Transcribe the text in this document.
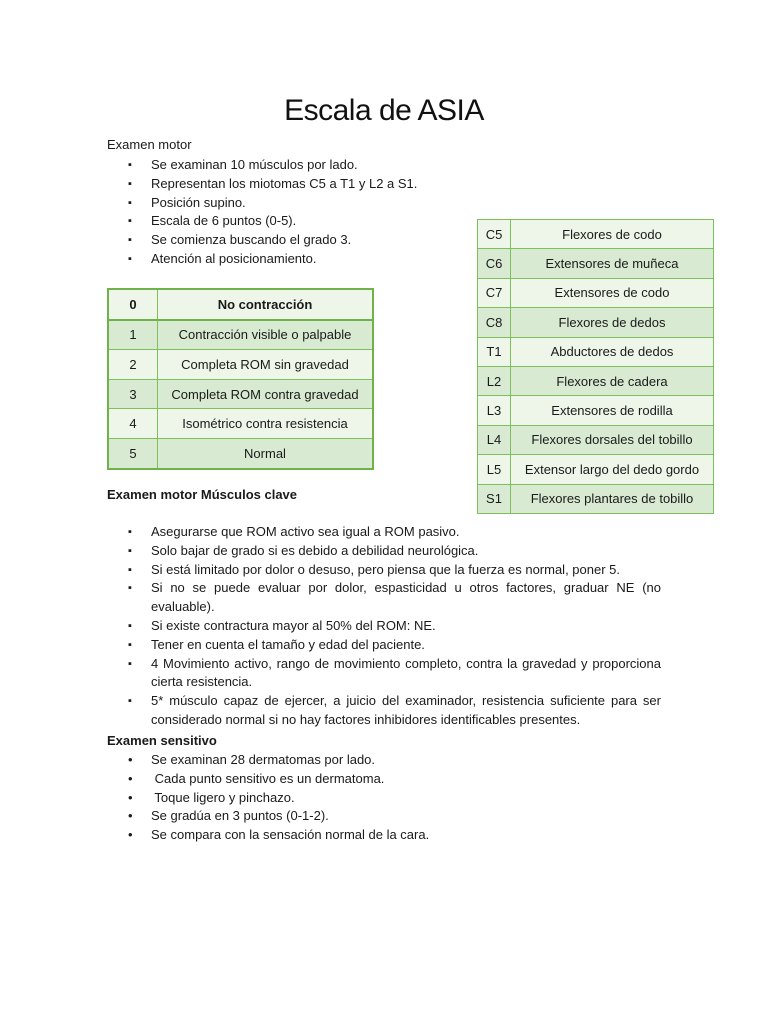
Escala de ASIA
Examen motor
▪ Se examinan 10 músculos por lado.
▪ Representan los miotomas C5 a T1 y L2 a S1.
▪ Posición supino.
▪ Escala de 6 puntos (0-5).
▪ Se comienza buscando el grado 3.
▪ Atención al posicionamiento.
0	No contracción
1	Contracción visible o palpable
2	Completa ROM sin gravedad
3	Completa ROM contra gravedad
4	Isométrico contra resistencia
5	Normal
C5	Flexores de codo
C6	Extensores de muñeca
C7	Extensores de codo
C8	Flexores de dedos
T1	Abductores de dedos
L2	Flexores de cadera
L3	Extensores de rodilla
L4	Flexores dorsales del tobillo
L5	Extensor largo del dedo gordo
S1	Flexores plantares de tobillo
Examen motor Músculos clave
▪ Asegurarse que ROM activo sea igual a ROM pasivo.
▪ Solo bajar de grado si es debido a debilidad neurológica.
▪ Si está limitado por dolor o desuso, pero piensa que la fuerza es normal, poner 5.
▪ Si no se puede evaluar por dolor, espasticidad u otros factores, graduar NE (no evaluable).
▪ Si existe contractura mayor al 50% del ROM: NE.
▪ Tener en cuenta el tamaño y edad del paciente.
▪ 4 Movimiento activo, rango de movimiento completo, contra la gravedad y proporciona cierta resistencia.
▪ 5* músculo capaz de ejercer, a juicio del examinador, resistencia suficiente para ser considerado normal si no hay factores inhibidores identificables presentes.
Examen sensitivo
• Se examinan 28 dermatomas por lado.
•  Cada punto sensitivo es un dermatoma.
•  Toque ligero y pinchazo.
• Se gradúa en 3 puntos (0-1-2).
• Se compara con la sensación normal de la cara.
